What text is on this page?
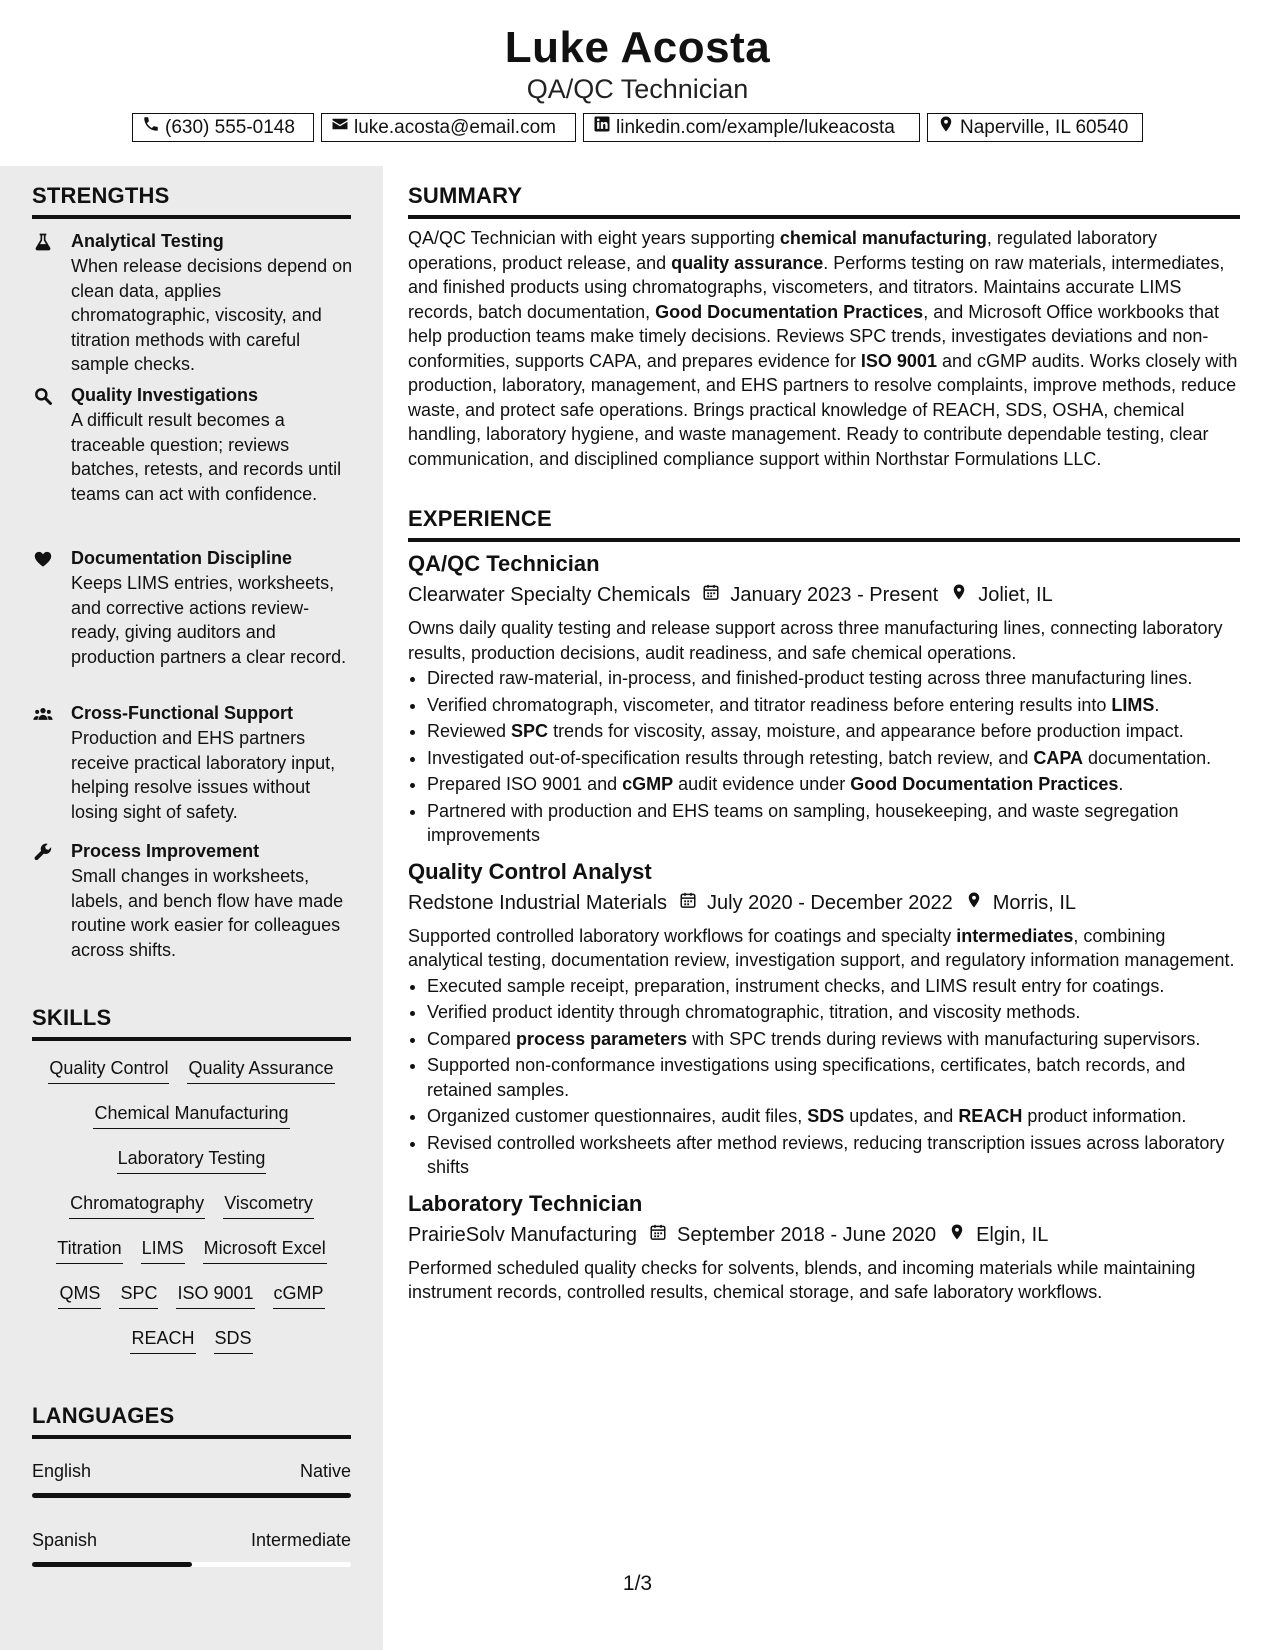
Luke Acosta
QA/QC Technician
(630) 555-0148	luke.acosta@email.com	linkedin.com/example/lukeacosta	Naperville, IL 60540
STRENGTHS
Analytical Testing
When release decisions depend on clean data, applies chromatographic, viscosity, and titration methods with careful sample checks.
Quality Investigations
A difficult result becomes a traceable question; reviews batches, retests, and records until teams can act with confidence.
Documentation Discipline
Keeps LIMS entries, worksheets, and corrective actions review-ready, giving auditors and production partners a clear record.
Cross-Functional Support
Production and EHS partners receive practical laboratory input, helping resolve issues without losing sight of safety.
Process Improvement
Small changes in worksheets, labels, and bench flow have made routine work easier for colleagues across shifts.
SKILLS
Quality Control Quality Assurance
Chemical Manufacturing
Laboratory Testing
Chromatography Viscometry
Titration LIMS Microsoft Excel
QMS SPC ISO 9001 cGMP
REACH SDS
LANGUAGES
English	Native
Spanish	Intermediate
SUMMARY
QA/QC Technician with eight years supporting chemical manufacturing, regulated laboratory operations, product release, and quality assurance. Performs testing on raw materials, intermediates, and finished products using chromatographs, viscometers, and titrators. Maintains accurate LIMS records, batch documentation, Good Documentation Practices, and Microsoft Office workbooks that help production teams make timely decisions. Reviews SPC trends, investigates deviations and non-conformities, supports CAPA, and prepares evidence for ISO 9001 and cGMP audits. Works closely with production, laboratory, management, and EHS partners to resolve complaints, improve methods, reduce waste, and protect safe operations. Brings practical knowledge of REACH, SDS, OSHA, chemical handling, laboratory hygiene, and waste management. Ready to contribute dependable testing, clear communication, and disciplined compliance support within Northstar Formulations LLC.
EXPERIENCE
QA/QC Technician
Clearwater Specialty Chemicals January 2023 - Present Joliet, IL
Owns daily quality testing and release support across three manufacturing lines, connecting laboratory results, production decisions, audit readiness, and safe chemical operations.
• Directed raw-material, in-process, and finished-product testing across three manufacturing lines.
• Verified chromatograph, viscometer, and titrator readiness before entering results into LIMS.
• Reviewed SPC trends for viscosity, assay, moisture, and appearance before production impact.
• Investigated out-of-specification results through retesting, batch review, and CAPA documentation.
• Prepared ISO 9001 and cGMP audit evidence under Good Documentation Practices.
• Partnered with production and EHS teams on sampling, housekeeping, and waste segregation improvements
Quality Control Analyst
Redstone Industrial Materials July 2020 - December 2022 Morris, IL
Supported controlled laboratory workflows for coatings and specialty intermediates, combining analytical testing, documentation review, investigation support, and regulatory information management.
• Executed sample receipt, preparation, instrument checks, and LIMS result entry for coatings.
• Verified product identity through chromatographic, titration, and viscosity methods.
• Compared process parameters with SPC trends during reviews with manufacturing supervisors.
• Supported non-conformance investigations using specifications, certificates, batch records, and retained samples.
• Organized customer questionnaires, audit files, SDS updates, and REACH product information.
• Revised controlled worksheets after method reviews, reducing transcription issues across laboratory shifts
Laboratory Technician
PrairieSolv Manufacturing September 2018 - June 2020 Elgin, IL
Performed scheduled quality checks for solvents, blends, and incoming materials while maintaining instrument records, controlled results, chemical storage, and safe laboratory workflows.
1/3
